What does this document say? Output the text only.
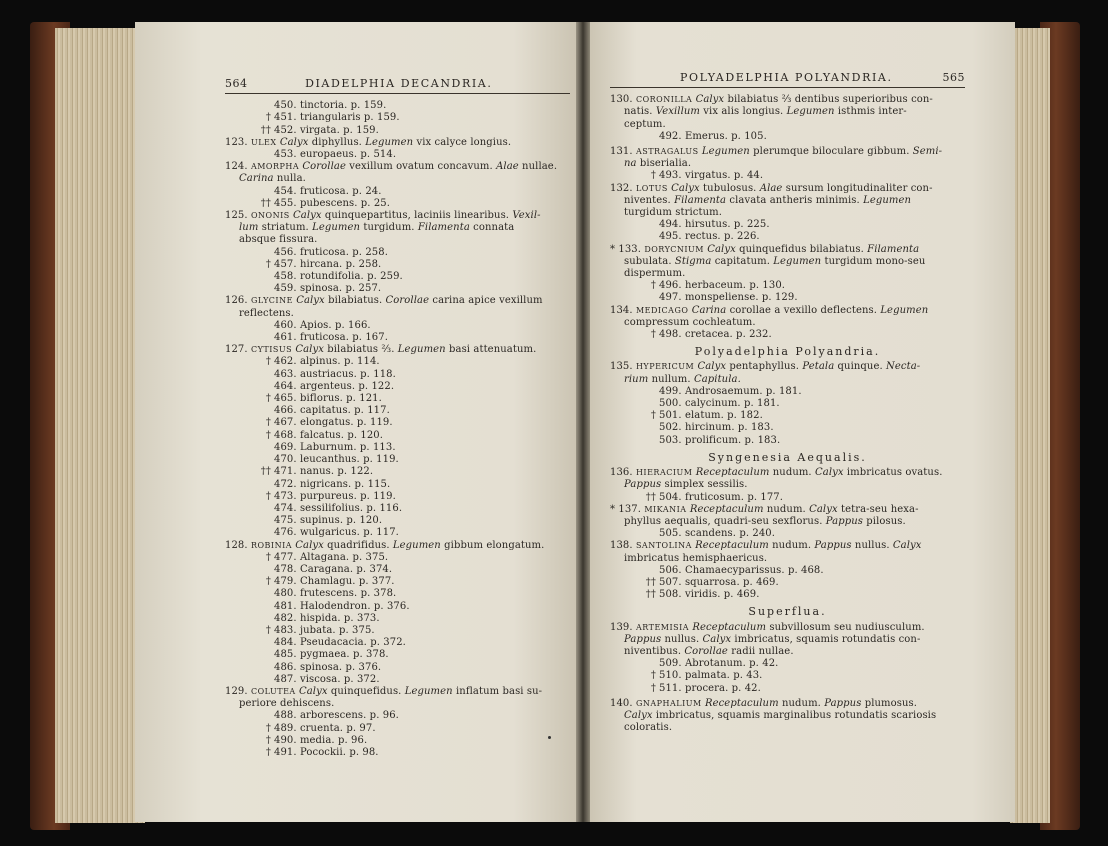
564	DIADELPHIA DECANDRIA.
450. tinctoria. p. 159.
† 451. triangularis p. 159.
†† 452. virgata. p. 159.
123. ULEX Calyx diphyllus. Legumen vix calyce longius.
453. europaeus. p. 514.
124. AMORPHA Corollae vexillum ovatum concavum. Alae nullae.
Carina nulla.
454. fruticosa. p. 24.
†† 455. pubescens. p. 25.
125. ONONIS Calyx quinquepartitus, laciniis linearibus. Vexil-
lum striatum. Legumen turgidum. Filamenta connata
absque fissura.
456. fruticosa. p. 258.
† 457. hircana. p. 258.
458. rotundifolia. p. 259.
459. spinosa. p. 257.
126. GLYCINE Calyx bilabiatus. Corollae carina apice vexillum
reflectens.
460. Apios. p. 166.
461. fruticosa. p. 167.
127. CYTISUS Calyx bilabiatus ⅔. Legumen basi attenuatum.
† 462. alpinus. p. 114.
463. austriacus. p. 118.
464. argenteus. p. 122.
† 465. biflorus. p. 121.
466. capitatus. p. 117.
† 467. elongatus. p. 119.
† 468. falcatus. p. 120.
469. Laburnum. p. 113.
470. leucanthus. p. 119.
†† 471. nanus. p. 122.
472. nigricans. p. 115.
† 473. purpureus. p. 119.
474. sessilifolius. p. 116.
475. supinus. p. 120.
476. wulgaricus. p. 117.
128. ROBINIA Calyx quadrifidus. Legumen gibbum elongatum.
† 477. Altagana. p. 375.
478. Caragana. p. 374.
† 479. Chamlagu. p. 377.
480. frutescens. p. 378.
481. Halodendron. p. 376.
482. hispida. p. 373.
† 483. jubata. p. 375.
484. Pseudacacia. p. 372.
485. pygmaea. p. 378.
486. spinosa. p. 376.
487. viscosa. p. 372.
129. COLUTEA Calyx quinquefidus. Legumen inflatum basi su-
periore dehiscens.
488. arborescens. p. 96.
† 489. cruenta. p. 97.
† 490. media. p. 96.
† 491. Pocockii. p. 98.
POLYADELPHIA POLYANDRIA.	565
130. CORONILLA Calyx bilabiatus ⅔ dentibus superioribus con-
natis. Vexillum vix alis longius. Legumen isthmis inter-
ceptum.
492. Emerus. p. 105.
131. ASTRAGALUS Legumen plerumque biloculare gibbum. Semi-
na biserialia.
† 493. virgatus. p. 44.
132. LOTUS Calyx tubulosus. Alae sursum longitudinaliter con-
niventes. Filamenta clavata antheris minimis. Legumen
turgidum strictum.
494. hirsutus. p. 225.
495. rectus. p. 226.
* 133. DORYCNIUM Calyx quinquefidus bilabiatus. Filamenta
subulata. Stigma capitatum. Legumen turgidum mono-seu
dispermum.
† 496. herbaceum. p. 130.
497. monspeliense. p. 129.
134. MEDICAGO Carina corollae a vexillo deflectens. Legumen
compressum cochleatum.
† 498. cretacea. p. 232.
Polyadelphia Polyandria.
135. HYPERICUM Calyx pentaphyllus. Petala quinque. Necta-
rium nullum. Capitula.
499. Androsaemum. p. 181.
500. calycinum. p. 181.
† 501. elatum. p. 182.
502. hircinum. p. 183.
503. prolificum. p. 183.
Syngenesia Aequalis.
136. HIERACIUM Receptaculum nudum. Calyx imbricatus ovatus.
Pappus simplex sessilis.
†† 504. fruticosum. p. 177.
* 137. MIKANIA Receptaculum nudum. Calyx tetra-seu hexa-
phyllus aequalis, quadri-seu sexflorus. Pappus pilosus.
505. scandens. p. 240.
138. SANTOLINA Receptaculum nudum. Pappus nullus. Calyx
imbricatus hemisphaericus.
506. Chamaecyparissus. p. 468.
†† 507. squarrosa. p. 469.
†† 508. viridis. p. 469.
Superflua.
139. ARTEMISIA Receptaculum subvillosum seu nudiusculum.
Pappus nullus. Calyx imbricatus, squamis rotundatis con-
niventibus. Corollae radii nullae.
509. Abrotanum. p. 42.
† 510. palmata. p. 43.
† 511. procera. p. 42.
140. GNAPHALIUM Receptaculum nudum. Pappus plumosus.
Calyx imbricatus, squamis marginalibus rotundatis scariosis
coloratis.
